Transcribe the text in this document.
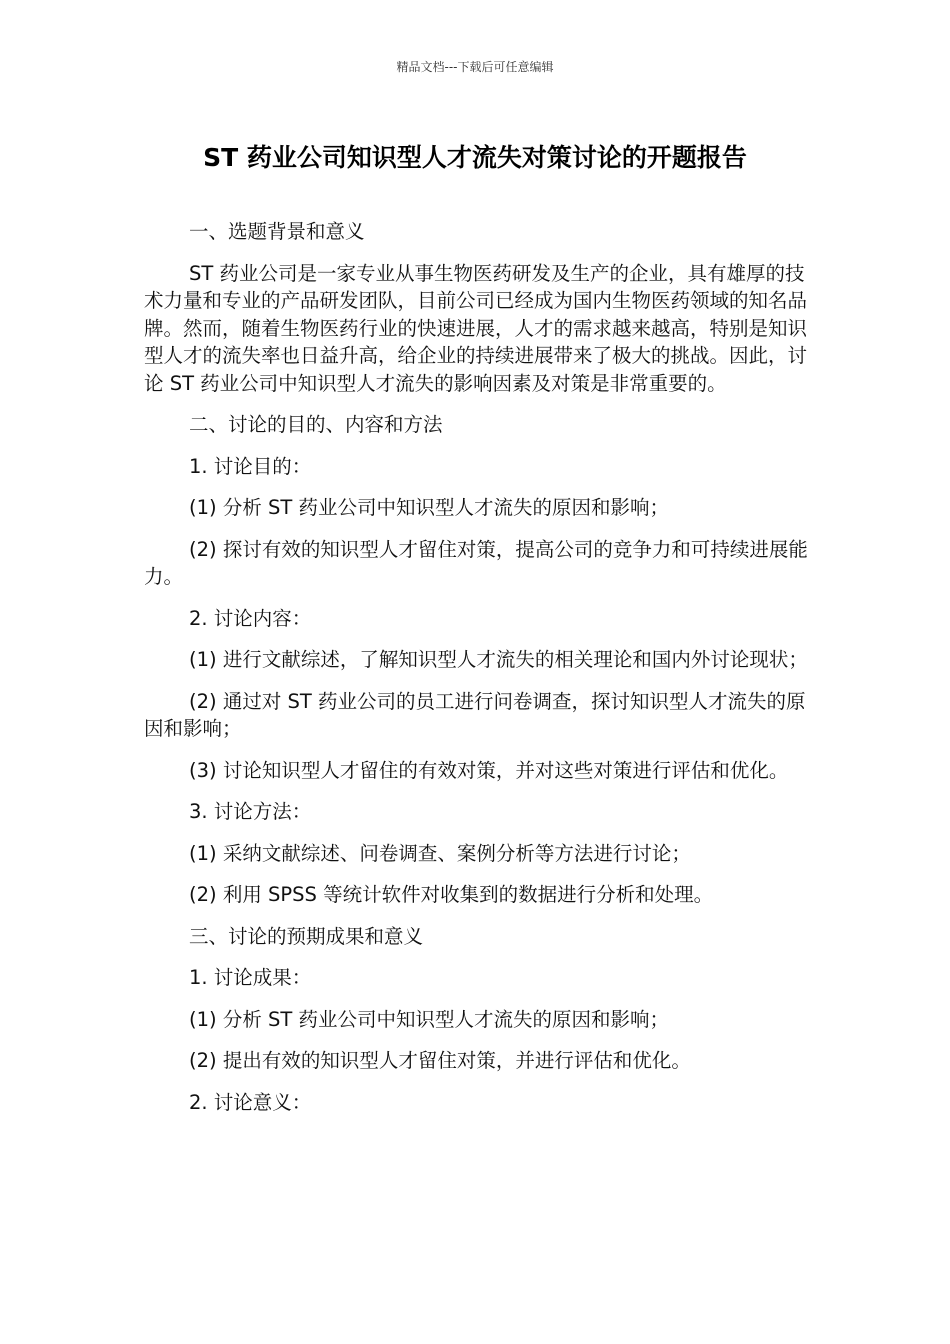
精品文档---下载后可任意编辑
ST 药业公司知识型人才流失对策讨论的开题报告

一、选题背景和意义

ST 药业公司是一家专业从事生物医药研发及生产的企业，具有雄厚的技术力量和专业的产品研发团队，目前公司已经成为国内生物医药领域的知名品牌。然而，随着生物医药行业的快速进展，人才的需求越来越高，特别是知识型人才的流失率也日益升高，给企业的持续进展带来了极大的挑战。因此，讨论 ST 药业公司中知识型人才流失的影响因素及对策是非常重要的。

二、讨论的目的、内容和方法

1. 讨论目的：

(1) 分析 ST 药业公司中知识型人才流失的原因和影响；

(2) 探讨有效的知识型人才留住对策，提高公司的竞争力和可持续进展能力。

2. 讨论内容：

(1) 进行文献综述，了解知识型人才流失的相关理论和国内外讨论现状；

(2) 通过对 ST 药业公司的员工进行问卷调查，探讨知识型人才流失的原因和影响；

(3) 讨论知识型人才留住的有效对策，并对这些对策进行评估和优化。

3. 讨论方法：

(1) 采纳文献综述、问卷调查、案例分析等方法进行讨论；

(2) 利用 SPSS 等统计软件对收集到的数据进行分析和处理。

三、讨论的预期成果和意义

1. 讨论成果：

(1) 分析 ST 药业公司中知识型人才流失的原因和影响；

(2) 提出有效的知识型人才留住对策，并进行评估和优化。

2. 讨论意义：
